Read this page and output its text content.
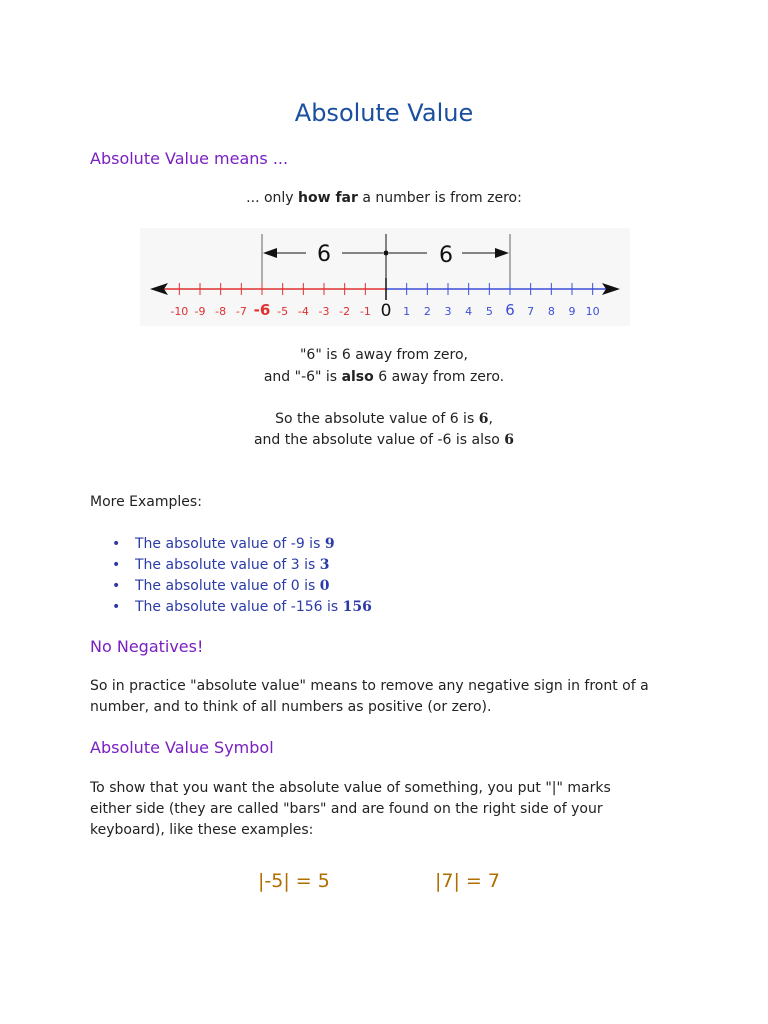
Absolute Value
Absolute Value means ...
... only how far a number is from zero:
6	6
-10 -9 -8 -7 -6 -5 -4 -3 -2 -1 0 1 2 3 4 5 6 7 8 9 10
"6" is 6 away from zero,
and "-6" is also 6 away from zero.
So the absolute value of 6 is 6,
and the absolute value of -6 is also 6
More Examples:
• The absolute value of -9 is 9
• The absolute value of 3 is 3
• The absolute value of 0 is 0
• The absolute value of -156 is 156
No Negatives!
So in practice "absolute value" means to remove any negative sign in front of a
number, and to think of all numbers as positive (or zero).
Absolute Value Symbol
To show that you want the absolute value of something, you put "|" marks
either side (they are called "bars" and are found on the right side of your
keyboard), like these examples:
|-5| = 5	|7| = 7
